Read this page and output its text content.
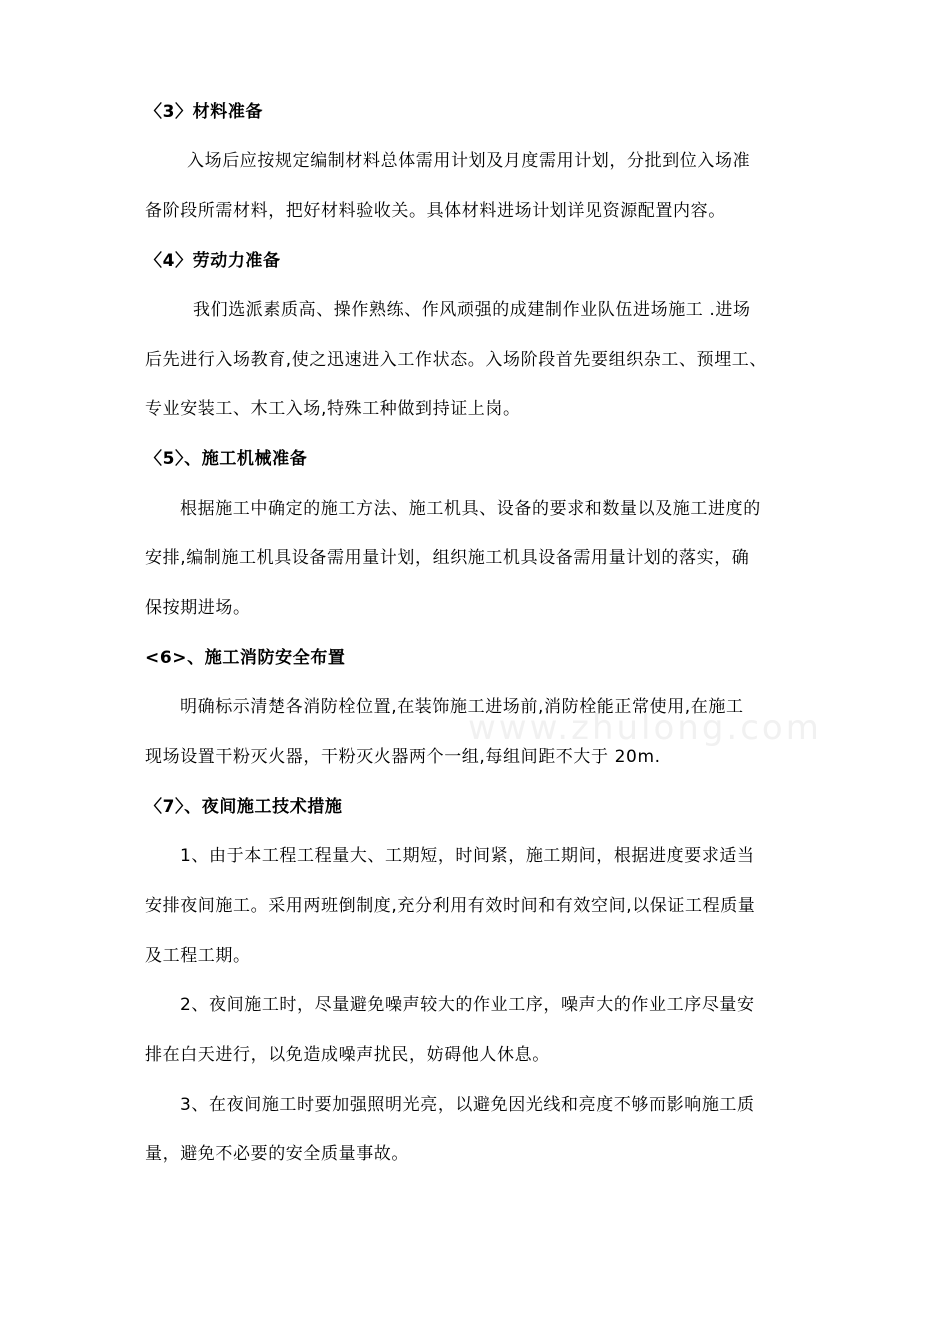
〈3〉材料准备
入场后应按规定编制材料总体需用计划及月度需用计划，分批到位入场准
备阶段所需材料，把好材料验收关。具体材料进场计划详见资源配置内容。
〈4〉劳动力准备
我们选派素质高、操作熟练、作风顽强的成建制作业队伍进场施工 .进场
后先进行入场教育,使之迅速进入工作状态。入场阶段首先要组织杂工、预埋工、
专业安装工、木工入场,特殊工种做到持证上岗。
〈5〉、施工机械准备
根据施工中确定的施工方法、施工机具、设备的要求和数量以及施工进度的
安排,编制施工机具设备需用量计划，组织施工机具设备需用量计划的落实，确
保按期进场。
<6>、施工消防安全布置
www.zhulong.com
明确标示清楚各消防栓位置,在装饰施工进场前,消防栓能正常使用,在施工
现场设置干粉灭火器，干粉灭火器两个一组,每组间距不大于 20m.
〈7〉、夜间施工技术措施
1、由于本工程工程量大、工期短，时间紧，施工期间，根据进度要求适当
安排夜间施工。采用两班倒制度,充分利用有效时间和有效空间,以保证工程质量
及工程工期。
2、夜间施工时，尽量避免噪声较大的作业工序，噪声大的作业工序尽量安
排在白天进行，以免造成噪声扰民，妨碍他人休息。
3、在夜间施工时要加强照明光亮，以避免因光线和亮度不够而影响施工质
量，避免不必要的安全质量事故。
